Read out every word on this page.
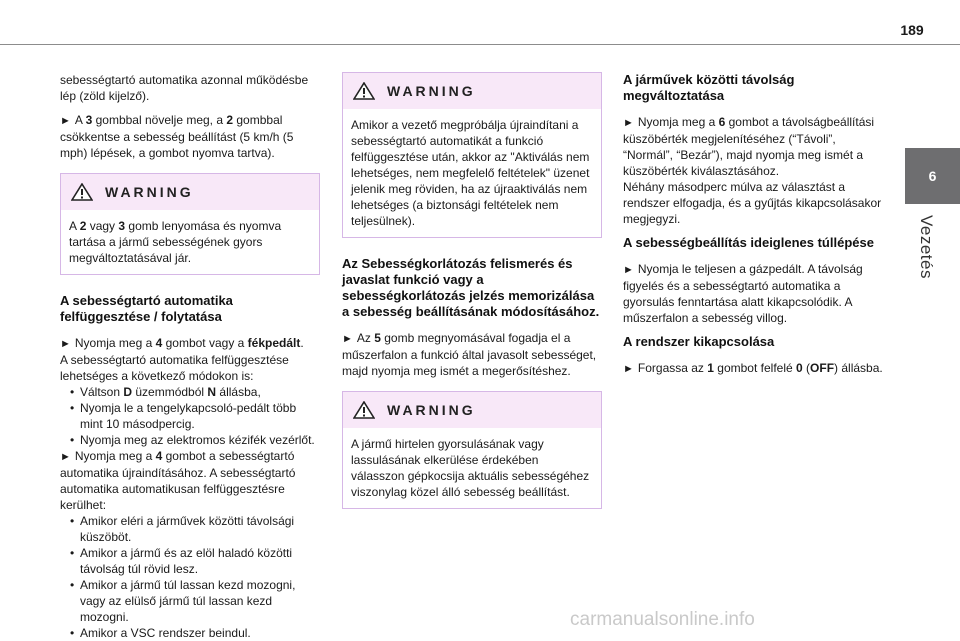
189
6
Vezetés

sebességtartó automatika azonnal működésbe lép (zöld kijelző).

► A 3 gombbal növelje meg, a 2 gombbal csökkentse a sebesség beállítást (5 km/h (5 mph) lépések, a gombot nyomva tartva).

WARNING
A 2 vagy 3 gomb lenyomása és nyomva tartása a jármű sebességének gyors megváltoztatásával jár.
A sebességtartó automatika felfüggesztése / folytatása

► Nyomja meg a 4 gombot vagy a fékpedált.

A sebességtartó automatika felfüggesztése lehetséges a következő módokon is:

• Váltson D üzemmódból N állásba,
• Nyomja le a tengelykapcsoló-pedált több mint 10 másodpercig.
• Nyomja meg az elektromos kézifék vezérlőt.

► Nyomja meg a 4 gombot a sebességtartó automatika újraindításához. A sebességtartó automatika automatikusan felfüggesztésre kerülhet:

• Amikor eléri a járművek közötti távolsági küszöböt.
• Amikor a jármű és az elöl haladó közötti távolság túl rövid lesz.
• Amikor a jármű túl lassan kezd mozogni, vagy az elülső jármű túl lassan kezd mozogni.
• Amikor a VSC rendszer beindul.
WARNING
Amikor a vezető megpróbálja újraindítani a sebességtartó automatikát a funkció felfüggesztése után, akkor az "Aktiválás nem lehetséges, nem megfelelő feltételek" üzenet jelenik meg röviden, ha az újraaktiválás nem lehetséges (a biztonsági feltételek nem teljesülnek).
Az Sebességkorlátozás felismerés és javaslat funkció vagy a sebességkorlátozás jelzés memorizálása a sebesség beállításának módosításához.

► Az 5 gomb megnyomásával fogadja el a műszerfalon a funkció által javasolt sebességet, majd nyomja meg ismét a megerősítéshez.

WARNING
A jármű hirtelen gyorsulásának vagy lassulásának elkerülése érdekében válasszon gépkocsija aktuális sebességéhez viszonylag közel álló sebesség beállítást.
A járművek közötti távolság megváltoztatása

► Nyomja meg a 6 gombot a távolságbeállítási küszöbérték megjelenítéséhez (“Távoli”, “Normál”, “Bezár”), majd nyomja meg ismét a küszöbérték kiválasztásához.

Néhány másodperc múlva az választást a rendszer elfogadja, és a gyűjtás kikapcsolásakor megjegyzi.

A sebességbeállítás ideiglenes túllépése

► Nyomja le teljesen a gázpedált. A távolság figyelés és a sebességtartó automatika a gyorsulás fenntartása alatt kikapcsolódik. A műszerfalon a sebesség villog.

A rendszer kikapcsolása

► Forgassa az 1 gombot felfelé 0 (OFF) állásba.

carmanualsonline.info
